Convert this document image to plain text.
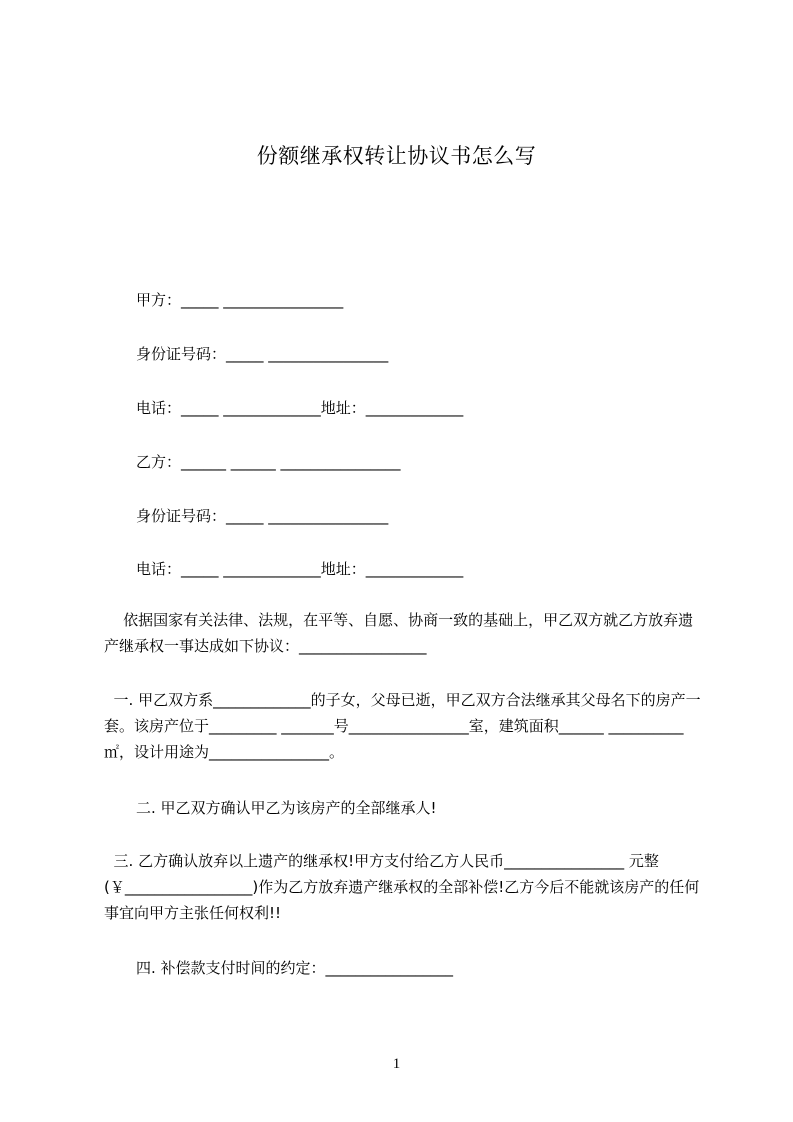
份额继承权转让协议书怎么写
甲方：_____ ________________
身份证号码：_____ ________________
电话：_____ _____________地址：_____________
乙方：______ ______ ________________
身份证号码：_____ ________________
电话：_____ _____________地址：_____________
依据国家有关法律、法规，在平等、自愿、协商一致的基础上，甲乙双方就乙方放弃遗产继承权一事达成如下协议：_________________
一. 甲乙双方系_____________的子女，父母已逝，甲乙双方合法继承其父母名下的房产一套。该房产位于_________ _______号________________室，建筑面积______ __________㎡，设计用途为________________。
二. 甲乙双方确认甲乙为该房产的全部继承人!
三. 乙方确认放弃以上遗产的继承权!甲方支付给乙方人民币________________ 元整(￥_________________)作为乙方放弃遗产继承权的全部补偿!乙方今后不能就该房产的任何事宜向甲方主张任何权利!!
四. 补偿款支付时间的约定：_________________
1
